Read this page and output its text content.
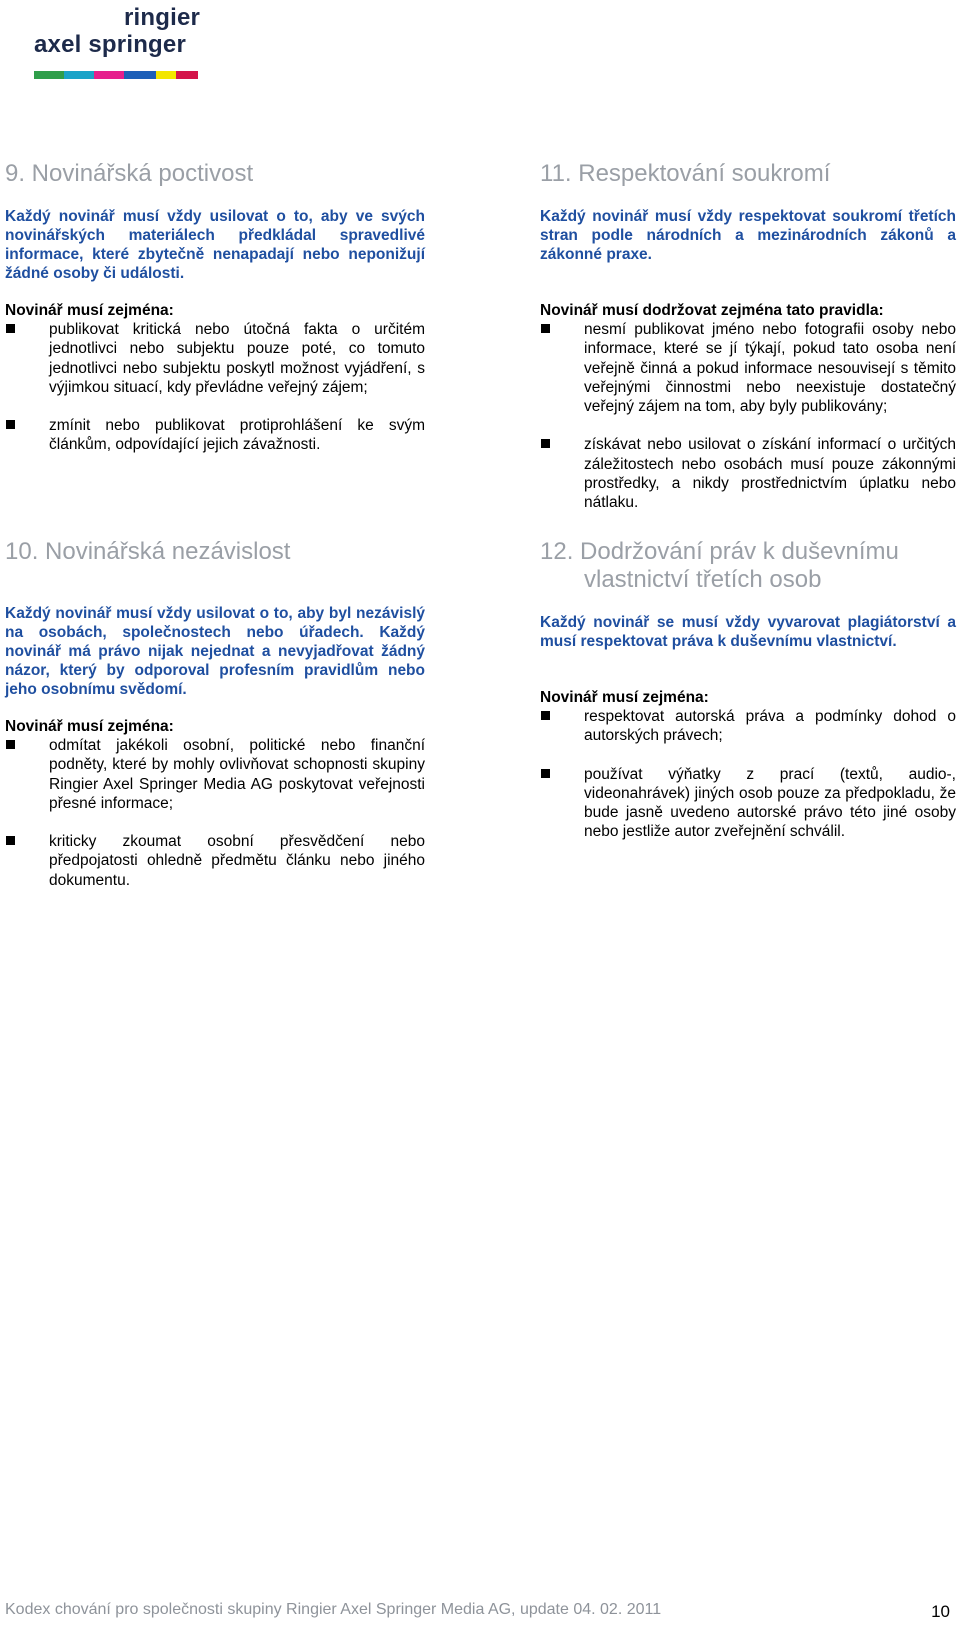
ringier
axel springer
9. Novinářská poctivost

Každý novinář musí vždy usilovat o to, aby ve svých novinářských materiálech předkládal spravedlivé informace, které zbytečně nenapadají nebo neponižují žádné osoby či události.

Novinář musí zejména:

publikovat kritická nebo útočná fakta o určitém jednotlivci nebo subjektu pouze poté, co tomuto jednotlivci nebo subjektu poskytl možnost vyjádření, s výjimkou situací, kdy převládne veřejný zájem;
zmínit nebo publikovat protiprohlášení ke svým článkům, odpovídající jejich závažnosti.
10. Novinářská nezávislost

Každý novinář musí vždy usilovat o to, aby byl nezávislý na osobách, společnostech nebo úřadech. Každý novinář má právo nijak nejednat a nevyjadřovat žádný názor, který by odporoval profesním pravidlům nebo jeho osobnímu svědomí.

Novinář musí zejména:

odmítat jakékoli osobní, politické nebo finanční podněty, které by mohly ovlivňovat schopnosti skupiny Ringier Axel Springer Media AG poskytovat veřejnosti přesné informace;
kriticky zkoumat osobní přesvědčení nebo předpojatosti ohledně předmětu článku nebo jiného dokumentu.
11. Respektování soukromí

Každý novinář musí vždy respektovat soukromí třetích stran podle národních a mezinárodních zákonů a zákonné praxe.

Novinář musí dodržovat zejména tato pravidla:

nesmí publikovat jméno nebo fotografii osoby nebo informace, které se jí týkají, pokud tato osoba není veřejně činná a pokud informace nesouvisejí s těmito veřejnými činnostmi nebo neexistuje dostatečný veřejný zájem na tom, aby byly publikovány;
získávat nebo usilovat o získání informací o určitých záležitostech nebo osobách musí pouze zákonnými prostředky, a nikdy prostřednictvím úplatku nebo nátlaku.
12. Dodržování práv k duševnímu vlastnictví třetích osob

Každý novinář se musí vždy vyvarovat plagiátorství a musí respektovat práva k duševnímu vlastnictví.

Novinář musí zejména:

respektovat autorská práva a podmínky dohod o autorských právech;
používat výňatky z prací (textů, audio-, videonahrávek) jiných osob pouze za předpokladu, že bude jasně uvedeno autorské právo této jiné osoby nebo jestliže autor zveřejnění schválil.
Kodex chování pro společnosti skupiny Ringier Axel Springer Media AG, update 04. 02. 2011	10
